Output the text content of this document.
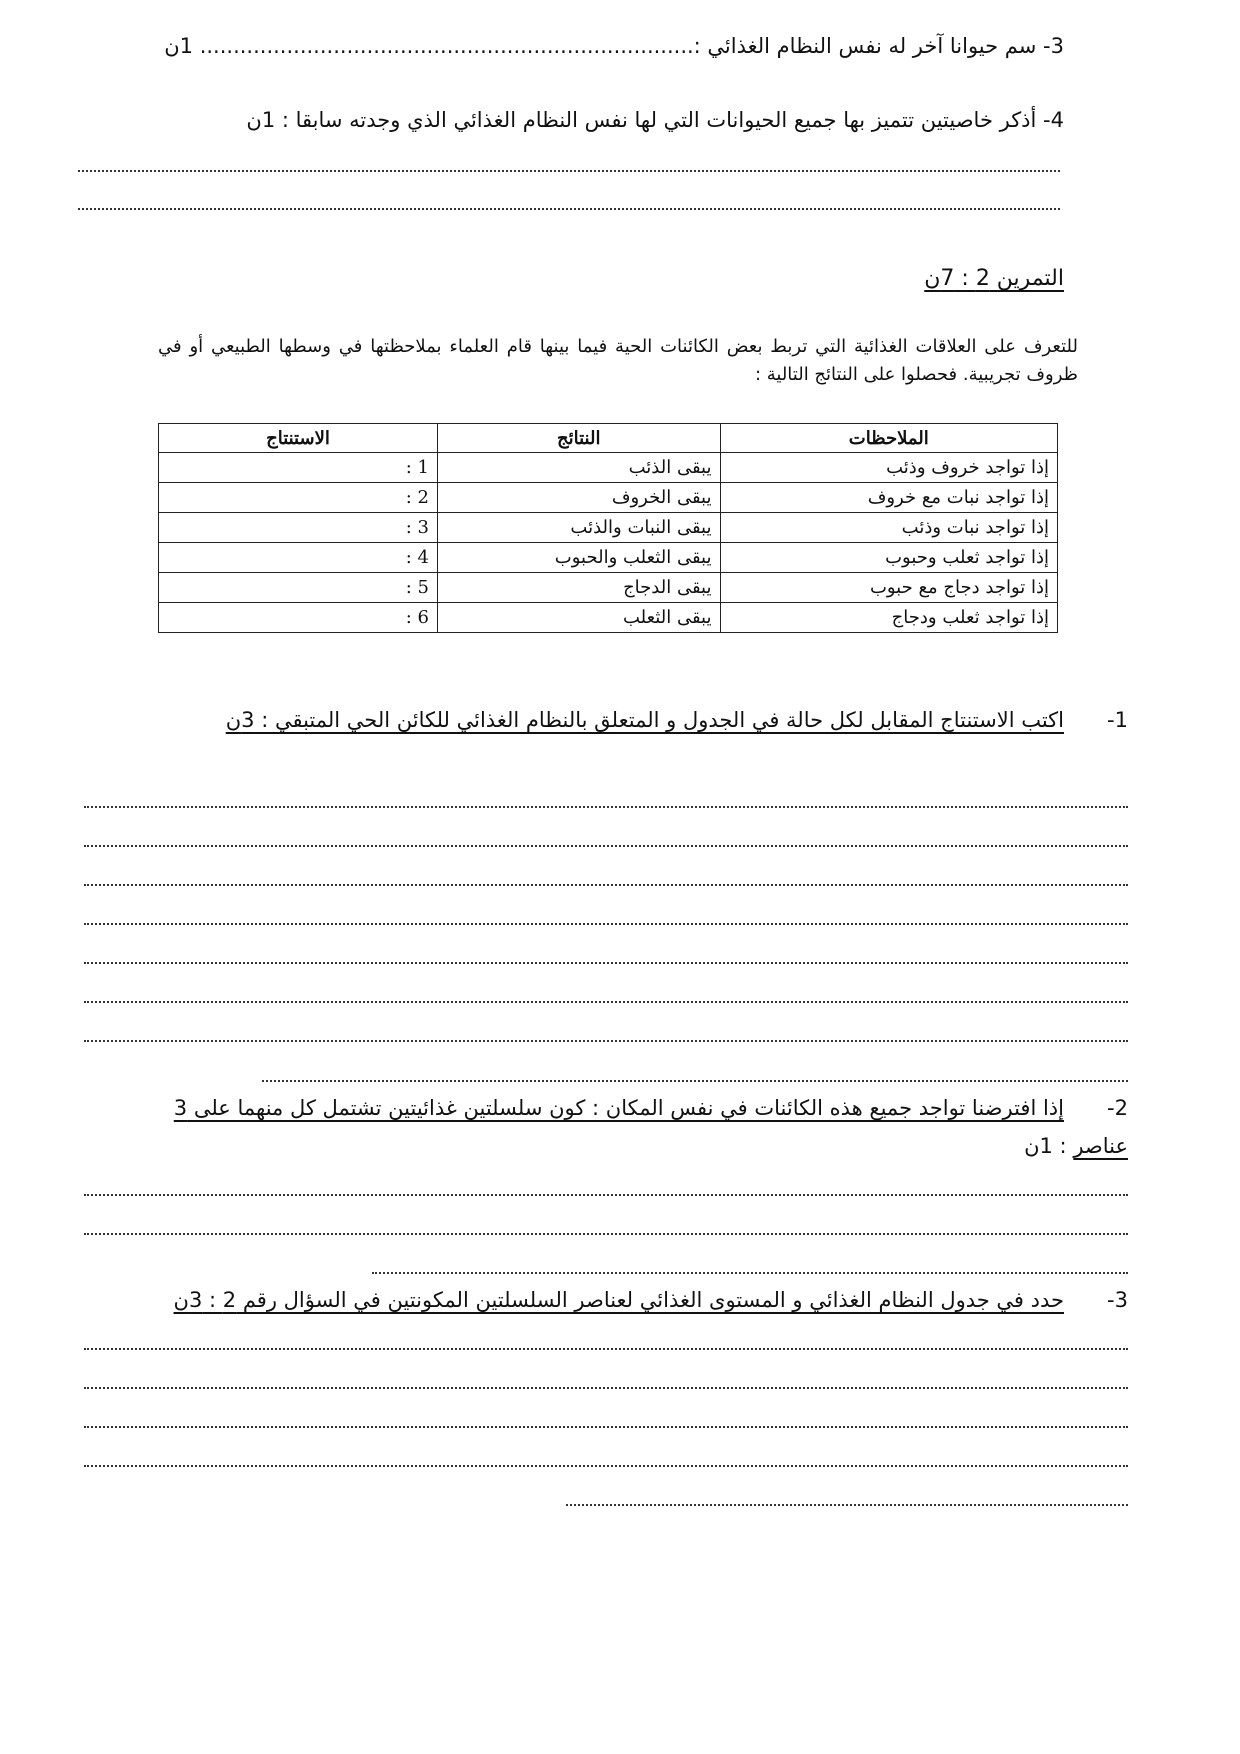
3- سم حيوانا آخر له نفس النظام الغذائي :.......................................................................... 1ن
4- أذكر خاصيتين تتميز بها جميع الحيوانات التي لها نفس النظام الغذائي الذي وجدته سابقا : 1ن
التمرين 2 : 7ن
للتعرف على العلاقات الغذائية التي تربط بعض الكائنات الحية فيما بينها قام العلماء بملاحظتها في وسطها الطبيعي أو في ظروف تجريبية. فحصلوا على النتائج التالية :
الملاحظات	النتائج	الاستنتاج
إذا تواجد خروف وذئب	يبقى الذئب	1 :
إذا تواجد نبات مع خروف	يبقى الخروف	2 :
إذا تواجد نبات وذئب	يبقى النبات والذئب	3 :
إذا تواجد ثعلب وحبوب	يبقى الثعلب والحبوب	4 :
إذا تواجد دجاج مع حبوب	يبقى الدجاج	5 :
إذا تواجد ثعلب ودجاج	يبقى الثعلب	6 :
-1
اكتب الاستنتاج المقابل لكل حالة في الجدول و المتعلق بالنظام الغذائي للكائن الحي المتبقي : 3ن
-2
إذا افترضنا تواجد جميع هذه الكائنات في نفس المكان : كون سلسلتين غذائيتين تشتمل كل منهما على 3
عناصر : 1ن
-3
حدد في جدول النظام الغذائي و المستوى الغذائي لعناصر السلسلتين المكونتين في السؤال رقم 2 : 3ن
